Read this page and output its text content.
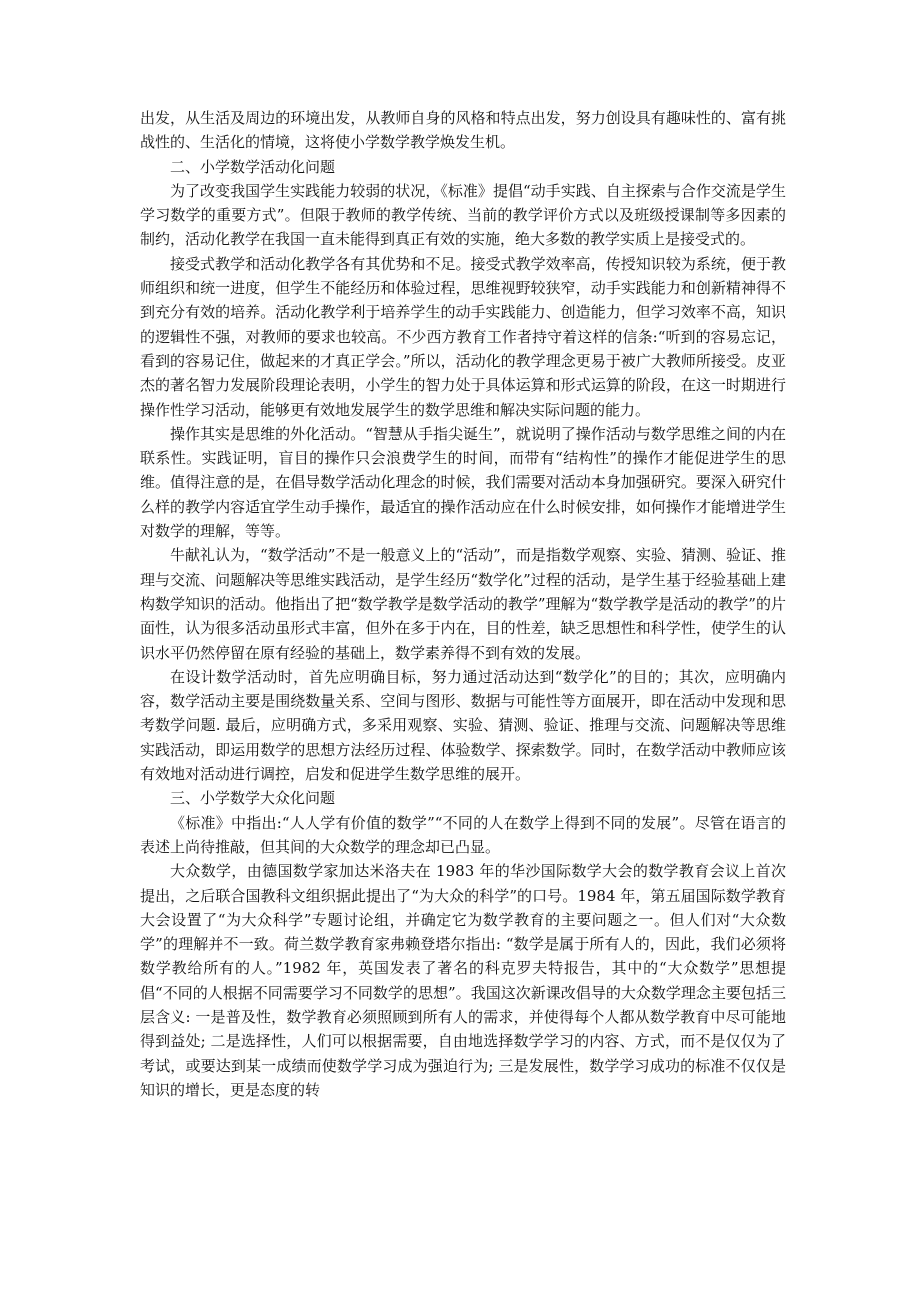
出发，从生活及周边的环境出发，从教师自身的风格和特点出发，努力创设具有趣味性的、富有挑战性的、生活化的情境，这将使小学数学教学焕发生机。

二、小学数学活动化问题

为了改变我国学生实践能力较弱的状况，《标准》提倡“动手实践、自主探索与合作交流是学生学习数学的重要方式”。但限于教师的教学传统、当前的教学评价方式以及班级授课制等多因素的制约，活动化教学在我国一直未能得到真正有效的实施，绝大多数的教学实质上是接受式的。

接受式教学和活动化教学各有其优势和不足。接受式教学效率高，传授知识较为系统，便于教师组织和统一进度，但学生不能经历和体验过程，思维视野较狭窄，动手实践能力和创新精神得不到充分有效的培养。活动化教学利于培养学生的动手实践能力、创造能力，但学习效率不高，知识的逻辑性不强，对教师的要求也较高。不少西方教育工作者持守着这样的信条:“听到的容易忘记，看到的容易记住，做起来的才真正学会。”所以，活动化的教学理念更易于被广大教师所接受。皮亚杰的著名智力发展阶段理论表明，小学生的智力处于具体运算和形式运算的阶段，在这一时期进行操作性学习活动，能够更有效地发展学生的数学思维和解决实际问题的能力。

操作其实是思维的外化活动。“智慧从手指尖诞生”，就说明了操作活动与数学思维之间的内在联系性。实践证明，盲目的操作只会浪费学生的时间，而带有“结构性”的操作才能促进学生的思维。值得注意的是，在倡导数学活动化理念的时候，我们需要对活动本身加强研究。要深入研究什么样的教学内容适宜学生动手操作，最适宜的操作活动应在什么时候安排，如何操作才能增进学生对数学的理解，等等。

牛献礼认为，“数学活动”不是一般意义上的“活动”，而是指数学观察、实验、猜测、验证、推理与交流、问题解决等思维实践活动，是学生经历“数学化”过程的活动，是学生基于经验基础上建构数学知识的活动。他指出了把“数学教学是数学活动的教学”理解为“数学教学是活动的教学”的片面性，认为很多活动虽形式丰富，但外在多于内在，目的性差，缺乏思想性和科学性，使学生的认识水平仍然停留在原有经验的基础上，数学素养得不到有效的发展。

在设计数学活动时，首先应明确目标，努力通过活动达到“数学化”的目的；其次，应明确内容，数学活动主要是围绕数量关系、空间与图形、数据与可能性等方面展开，即在活动中发现和思考数学问题. 最后，应明确方式，多采用观察、实验、猜测、验证、推理与交流、问题解决等思维实践活动，即运用数学的思想方法经历过程、体验数学、探索数学。同时，在数学活动中教师应该有效地对活动进行调控，启发和促进学生数学思维的展开。

三、小学数学大众化问题

《标准》中指出:“人人学有价值的数学”“不同的人在数学上得到不同的发展”。尽管在语言的表述上尚待推敲，但其间的大众数学的理念却已凸显。

大众数学，由德国数学家加达米洛夫在 1983 年的华沙国际数学大会的数学教育会议上首次提出，之后联合国教科文组织据此提出了“为大众的科学”的口号。1984 年，第五届国际数学教育大会设置了“为大众科学”专题讨论组，并确定它为数学教育的主要问题之一。但人们对“大众数学”的理解并不一致。荷兰数学教育家弗赖登塔尔指出: “数学是属于所有人的，因此，我们必须将数学教给所有的人。”1982 年，英国发表了著名的科克罗夫特报告，其中的“大众数学”思想提倡“不同的人根据不同需要学习不同数学的思想”。我国这次新课改倡导的大众数学理念主要包括三层含义: 一是普及性，数学教育必须照顾到所有人的需求，并使得每个人都从数学教育中尽可能地得到益处; 二是选择性，人们可以根据需要，自由地选择数学学习的内容、方式，而不是仅仅为了考试，或要达到某一成绩而使数学学习成为强迫行为; 三是发展性，数学学习成功的标准不仅仅是知识的增长，更是态度的转
